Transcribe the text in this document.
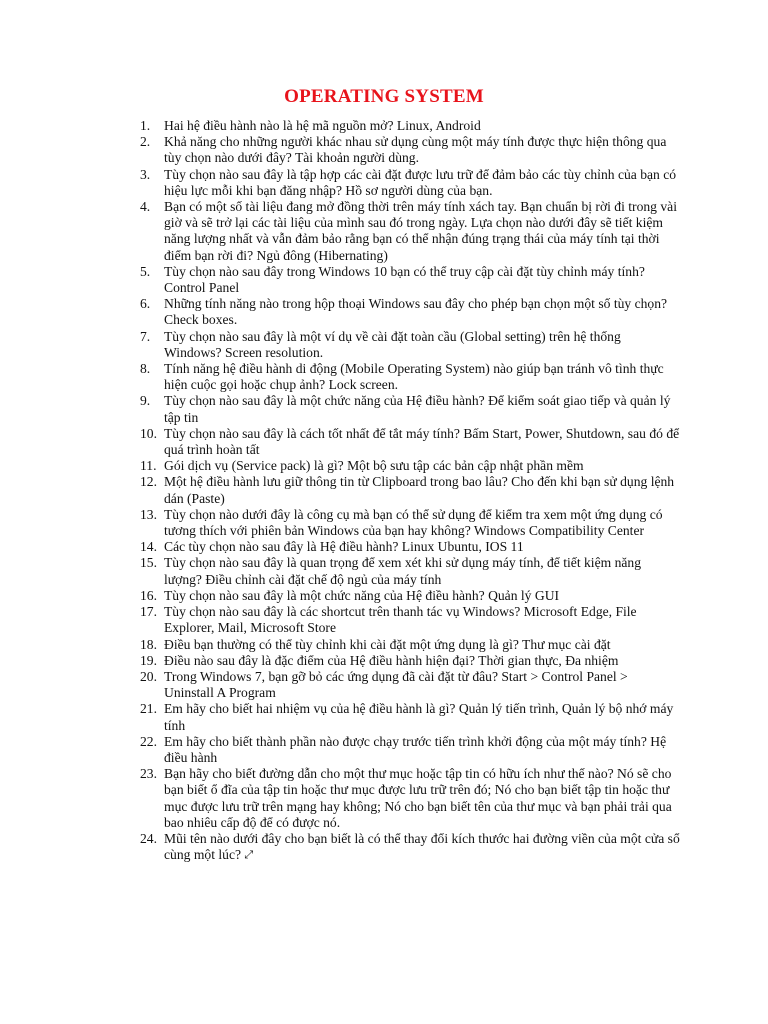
OPERATING SYSTEM
1.	Hai hệ điều hành nào là hệ mã nguồn mở? Linux, Android
2.	Khả năng cho những người khác nhau sử dụng cùng một máy tính được thực hiện thông qua tùy chọn nào dưới đây? Tài khoản người dùng.
3.	Tùy chọn nào sau đây là tập hợp các cài đặt được lưu trữ để đảm bảo các tùy chỉnh của bạn có hiệu lực mỗi khi bạn đăng nhập? Hồ sơ người dùng của bạn.
4.	Bạn có một số tài liệu đang mở đồng thời trên máy tính xách tay. Bạn chuẩn bị rời đi trong vài giờ và sẽ trở lại các tài liệu của mình sau đó trong ngày. Lựa chọn nào dưới đây sẽ tiết kiệm năng lượng nhất và vẫn đảm bảo rằng bạn có thể nhận đúng trạng thái của máy tính tại thời điểm bạn rời đi? Ngủ đông (Hibernating)
5.	Tùy chọn nào sau đây trong Windows 10 bạn có thể truy cập cài đặt tùy chỉnh máy tính? Control Panel
6.	Những tính năng nào trong hộp thoại Windows sau đây cho phép bạn chọn một số tùy chọn? Check boxes.
7.	Tùy chọn nào sau đây là một ví dụ về cài đặt toàn cầu (Global setting) trên hệ thống Windows? Screen resolution.
8.	Tính năng hệ điều hành di động (Mobile Operating System) nào giúp bạn tránh vô tình thực hiện cuộc gọi hoặc chụp ảnh? Lock screen.
9.	Tùy chọn nào sau đây là một chức năng của Hệ điều hành? Để kiểm soát giao tiếp và quản lý tập tin
10. Tùy chọn nào sau đây là cách tốt nhất để tắt máy tính? Bấm Start, Power, Shutdown, sau đó để quá trình hoàn tất
11. Gói dịch vụ (Service pack) là gì? Một bộ sưu tập các bản cập nhật phần mềm
12. Một hệ điều hành lưu giữ thông tin từ Clipboard trong bao lâu? Cho đến khi bạn sử dụng lệnh dán (Paste)
13. Tùy chọn nào dưới đây là công cụ mà bạn có thể sử dụng để kiểm tra xem một ứng dụng có tương thích với phiên bản Windows của bạn hay không? Windows Compatibility Center
14. Các tùy chọn nào sau đây là Hệ điều hành? Linux Ubuntu, IOS 11
15. Tùy chọn nào sau đây là quan trọng để xem xét khi sử dụng máy tính, để tiết kiệm năng lượng? Điều chỉnh cài đặt chế độ ngủ của máy tính
16. Tùy chọn nào sau đây là một chức năng của Hệ điều hành? Quản lý GUI
17. Tùy chọn nào sau đây là các shortcut trên thanh tác vụ Windows? Microsoft Edge, File Explorer, Mail, Microsoft Store
18. Điều bạn thường có thể tùy chỉnh khi cài đặt một ứng dụng là gì? Thư mục cài đặt
19. Điều nào sau đây là đặc điểm của Hệ điều hành hiện đại? Thời gian thực, Đa nhiệm
20. Trong Windows 7, bạn gỡ bỏ các ứng dụng đã cài đặt từ đâu? Start > Control Panel > Uninstall A Program
21. Em hãy cho biết hai nhiệm vụ của hệ điều hành là gì? Quản lý tiến trình, Quản lý bộ nhớ máy tính
22. Em hãy cho biết thành phần nào được chạy trước tiến trình khởi động của một máy tính? Hệ điều hành
23. Bạn hãy cho biết đường dẫn cho một thư mục hoặc tập tin có hữu ích như thế nào? Nó sẽ cho bạn biết ổ đĩa của tập tin hoặc thư mục được lưu trữ trên đó; Nó cho bạn biết tập tin hoặc thư mục được lưu trữ trên mạng hay không; Nó cho bạn biết tên của thư mục và bạn phải trải qua bao nhiêu cấp độ để có được nó.
24. Mũi tên nào dưới đây cho bạn biết là có thể thay đổi kích thước hai đường viền của một cửa sổ cùng một lúc? ⤢
